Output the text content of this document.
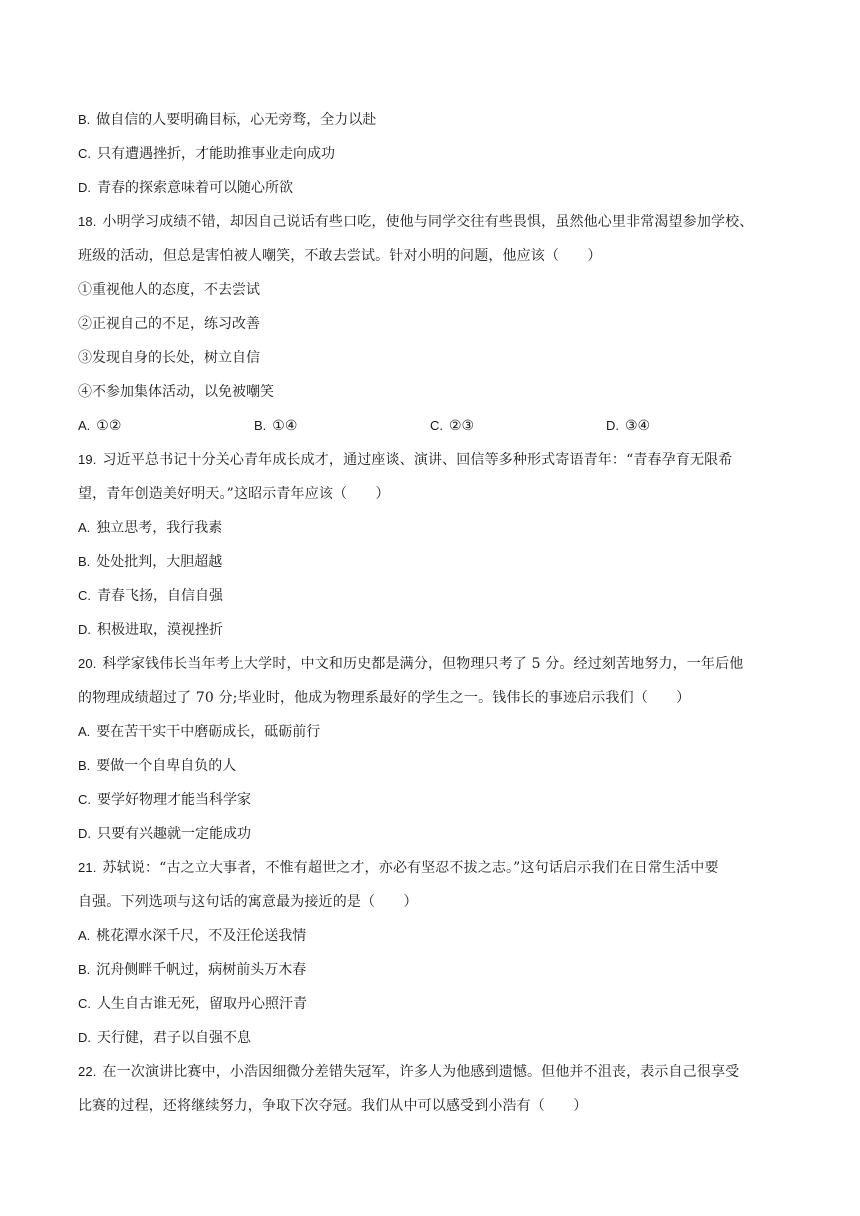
B. 做自信的人要明确目标，心无旁骛，全力以赴
C. 只有遭遇挫折，才能助推事业走向成功
D. 青春的探索意味着可以随心所欲
18. 小明学习成绩不错，却因自己说话有些口吃，使他与同学交往有些畏惧，虽然他心里非常渴望参加学校、
班级的活动，但总是害怕被人嘲笑，不敢去尝试。针对小明的问题，他应该（　　）
①重视他人的态度，不去尝试
②正视自己的不足，练习改善
③发现自身的长处，树立自信
④不参加集体活动，以免被嘲笑
A. ①②	B. ①④	C. ②③	D. ③④
19. 习近平总书记十分关心青年成长成才，通过座谈、演讲、回信等多种形式寄语青年：“青春孕育无限希
望，青年创造美好明天。”这昭示青年应该（　　）
A. 独立思考，我行我素
B. 处处批判，大胆超越
C. 青春飞扬，自信自强
D. 积极进取，漠视挫折
20. 科学家钱伟长当年考上大学时，中文和历史都是满分，但物理只考了 5 分。经过刻苦地努力，一年后他
的物理成绩超过了 70 分;毕业时，他成为物理系最好的学生之一。钱伟长的事迹启示我们（　　）
A. 要在苦干实干中磨砺成长，砥砺前行
B. 要做一个自卑自负的人
C. 要学好物理才能当科学家
D. 只要有兴趣就一定能成功
21. 苏轼说：“古之立大事者，不惟有超世之才，亦必有坚忍不拔之志。”这句话启示我们在日常生活中要
自强。下列选项与这句话的寓意最为接近的是（　　）
A. 桃花潭水深千尺，不及汪伦送我情
B. 沉舟侧畔千帆过，病树前头万木春
C. 人生自古谁无死，留取丹心照汗青
D. 天行健，君子以自强不息
22. 在一次演讲比赛中，小浩因细微分差错失冠军，许多人为他感到遗憾。但他并不沮丧，表示自己很享受
比赛的过程，还将继续努力，争取下次夺冠。我们从中可以感受到小浩有（　　）
